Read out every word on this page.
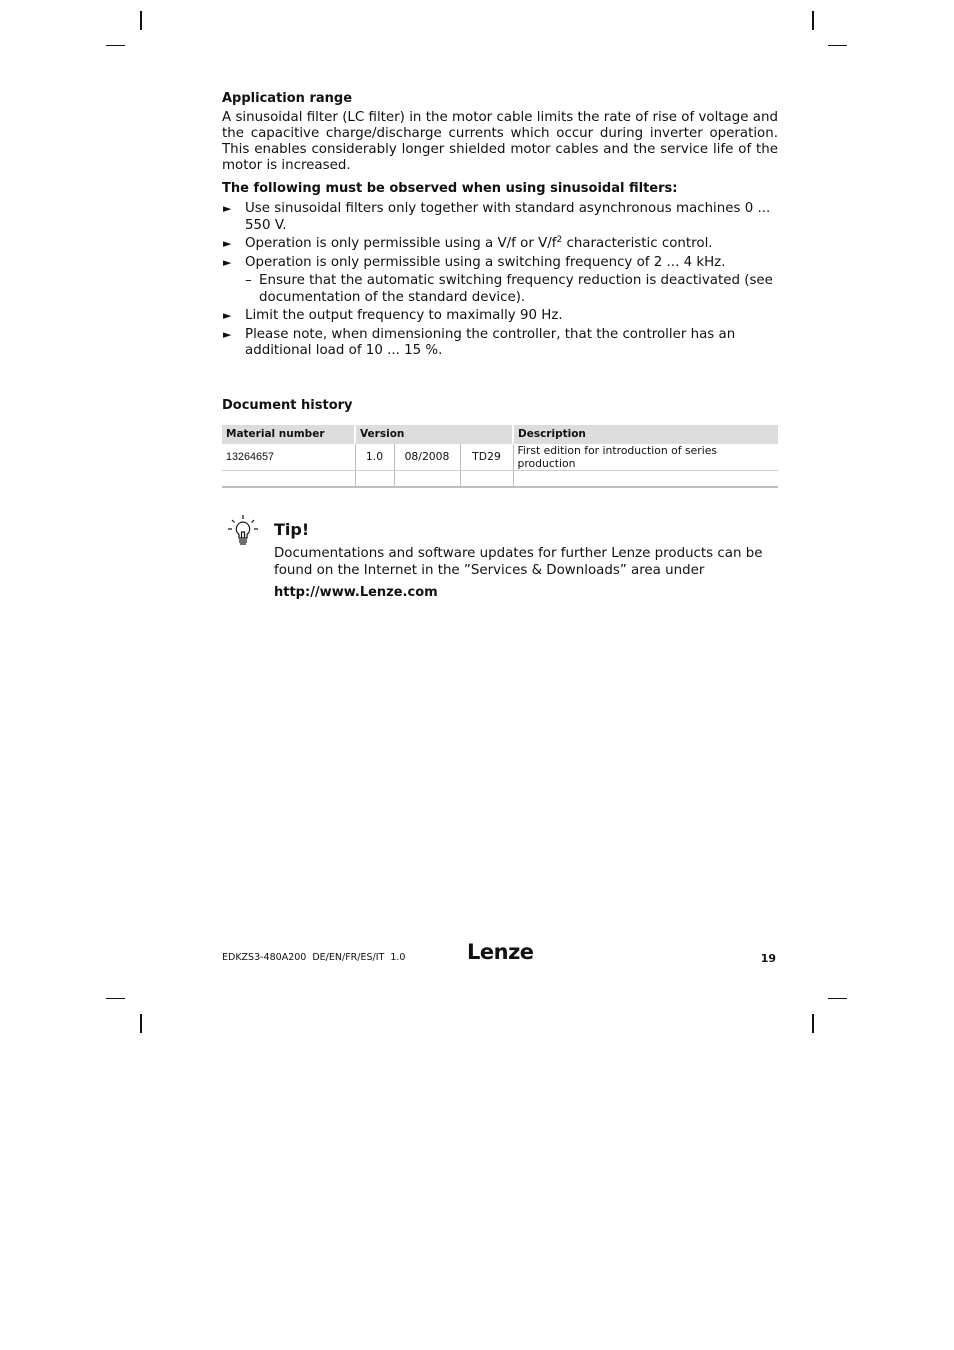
Application range

A sinusoidal filter (LC filter) in the motor cable limits the rate of rise of voltage and the capacitive charge/discharge currents which occur during inverter operation. This enables considerably longer shielded motor cables and the service life of the motor is increased.

The following must be observed when using sinusoidal filters:

► Use sinusoidal filters only together with standard asynchronous machines 0 ... 550 V.
► Operation is only permissible using a V/f or $V/f^2$ characteristic control.
► Operation is only permissible using a switching frequency of 2 ... 4 kHz.
– Ensure that the automatic switching frequency reduction is deactivated (see documentation of the standard device).
► Limit the output frequency to maximally 90 Hz.
► Please note, when dimensioning the controller, that the controller has an additional load of 10 ... 15 %.
Document history
Material number	Version			Description
13264657	1.0	08/2008	TD29	First edition for introduction of series production

Tip!

Documentations and software updates for further Lenze products can be found on the Internet in the ”Services & Downloads” area under

http://www.Lenze.com

EDKZS3-480A200  DE/EN/FR/ES/IT  1.0	Lenze	19
